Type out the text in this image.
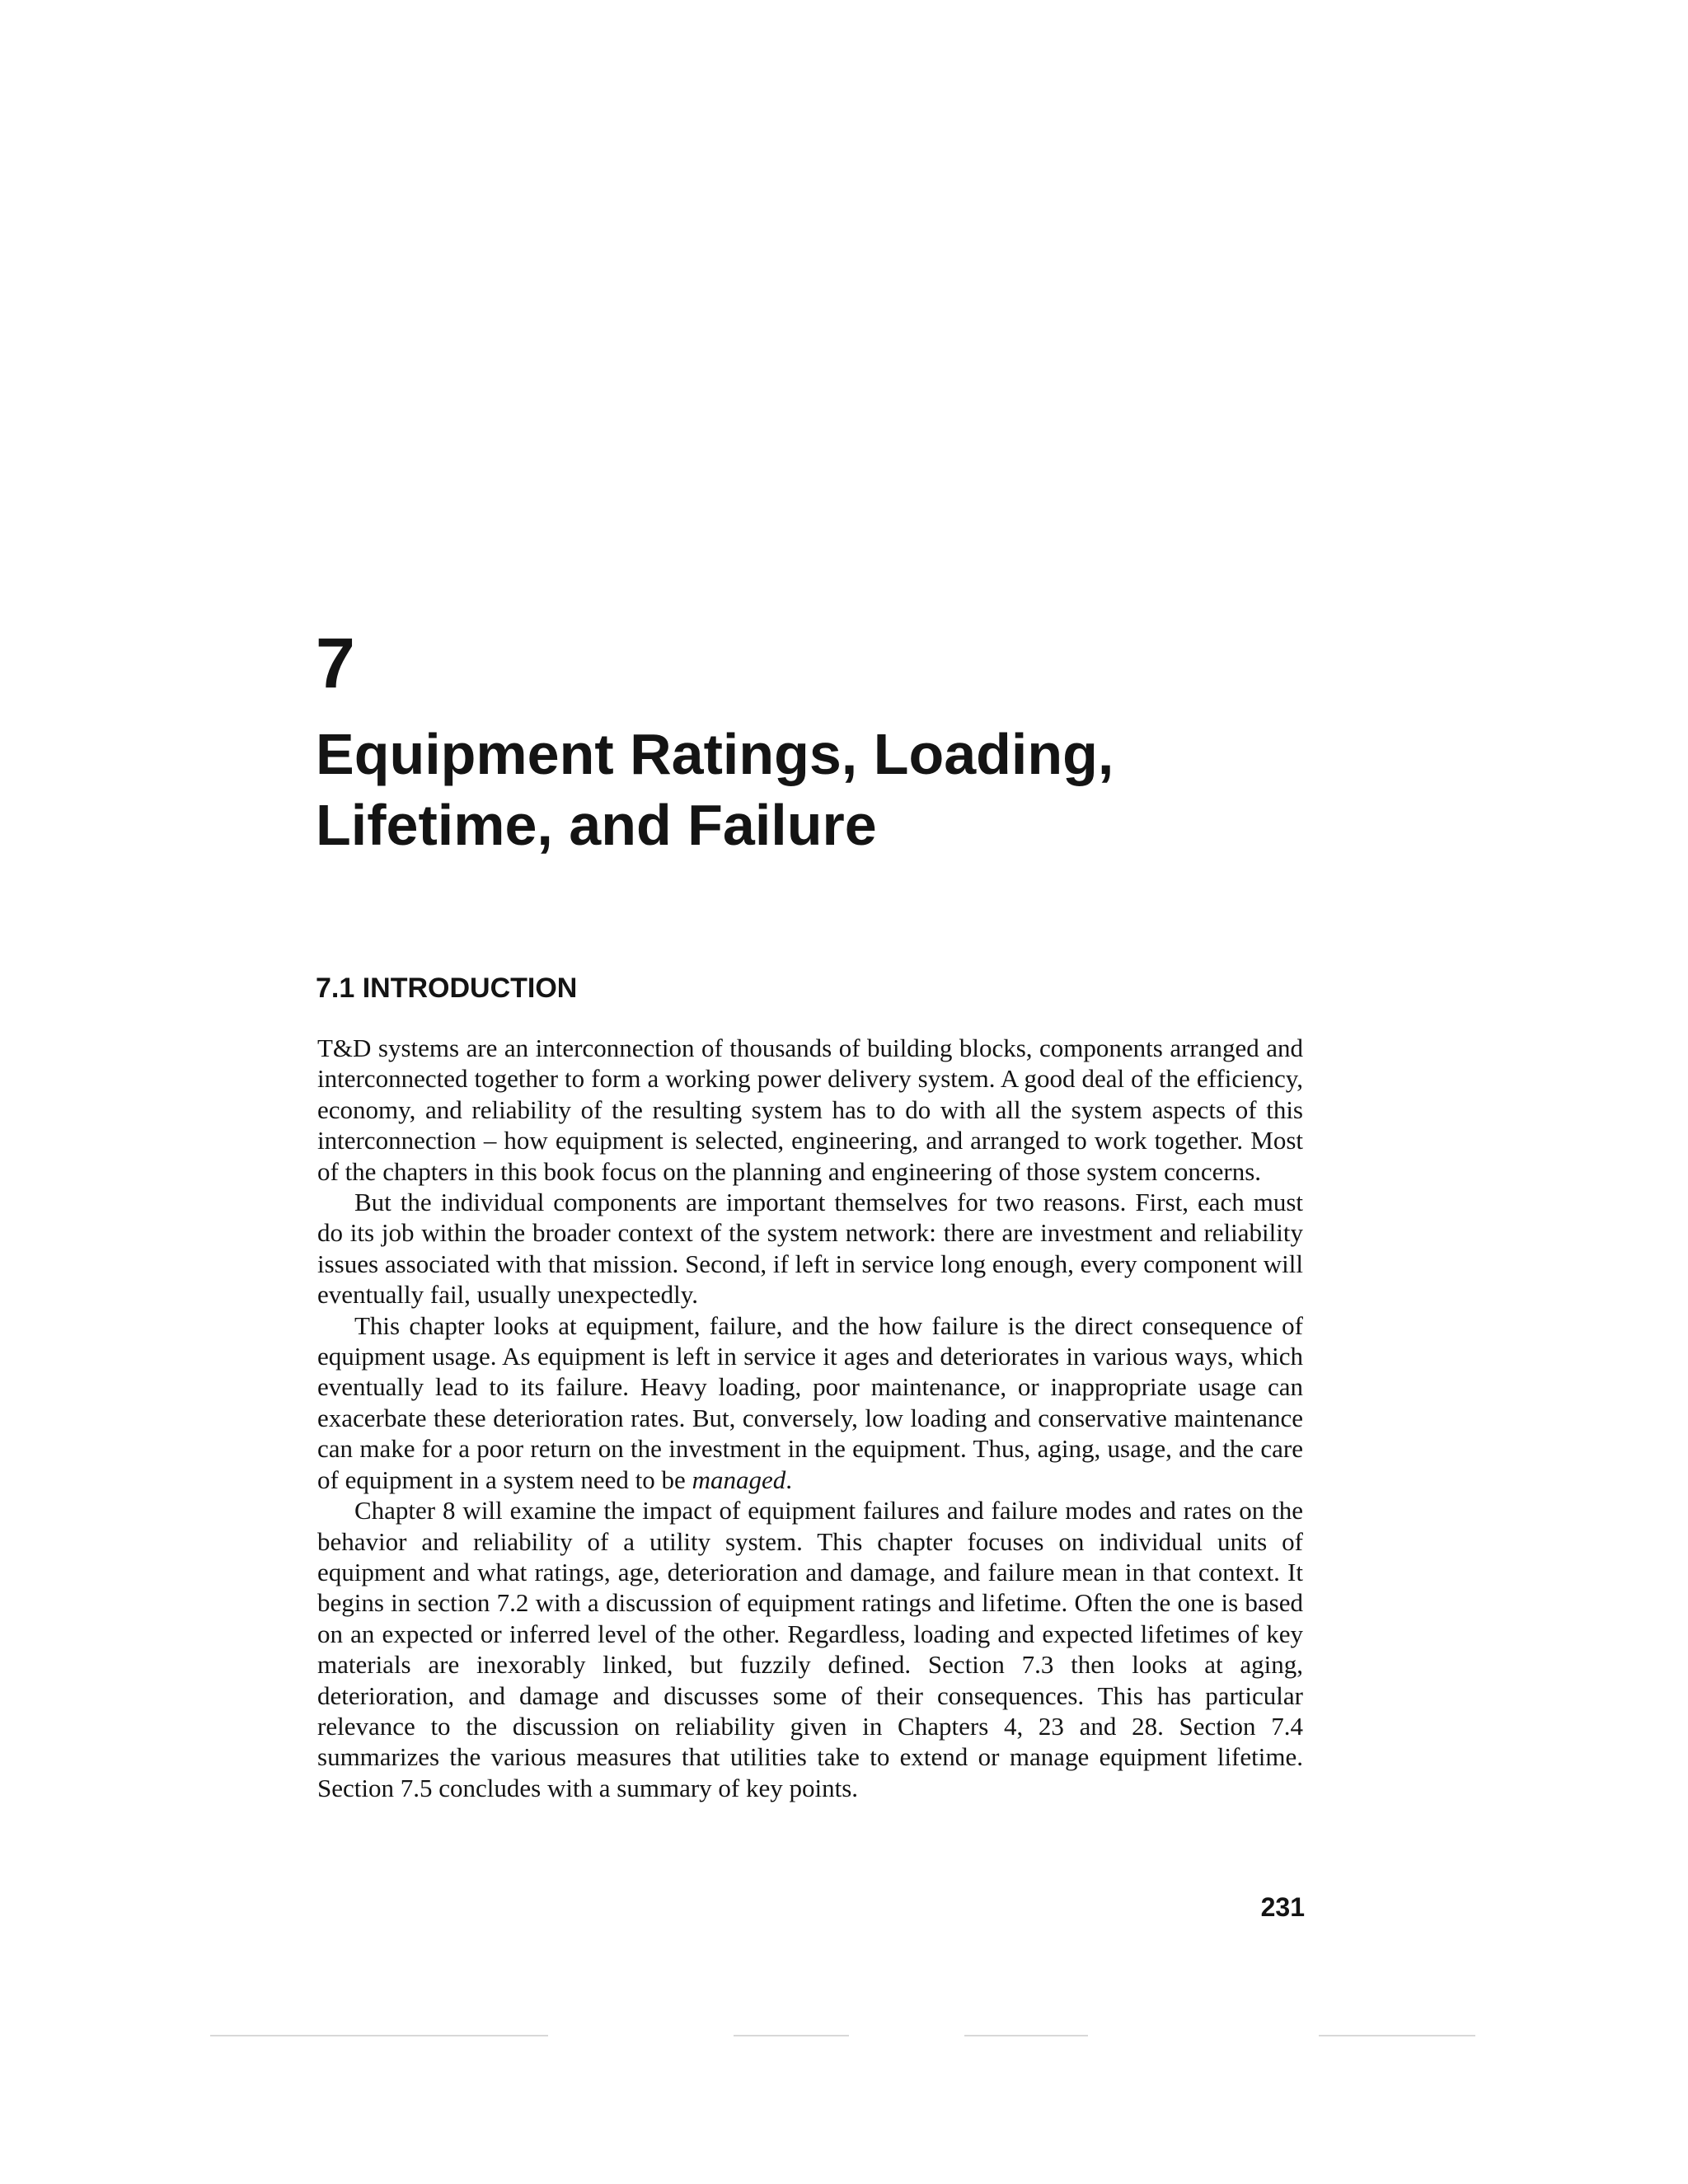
7
Equipment Ratings, Loading,
Lifetime, and Failure
7.1 INTRODUCTION

T&D systems are an interconnection of thousands of building blocks, components arranged and interconnected together to form a working power delivery system. A good deal of the efficiency, economy, and reliability of the resulting system has to do with all the system aspects of this interconnection – how equipment is selected, engineering, and arranged to work together. Most of the chapters in this book focus on the planning and engineering of those system concerns.

But the individual components are important themselves for two reasons. First, each must do its job within the broader context of the system network: there are investment and reliability issues associated with that mission. Second, if left in service long enough, every component will eventually fail, usually unexpectedly.

This chapter looks at equipment, failure, and the how failure is the direct consequence of equipment usage. As equipment is left in service it ages and deteriorates in various ways, which eventually lead to its failure. Heavy loading, poor maintenance, or inappropriate usage can exacerbate these deterioration rates. But, conversely, low loading and conservative maintenance can make for a poor return on the investment in the equipment. Thus, aging, usage, and the care of equipment in a system need to be managed.

Chapter 8 will examine the impact of equipment failures and failure modes and rates on the behavior and reliability of a utility system. This chapter focuses on individual units of equipment and what ratings, age, deterioration and damage, and failure mean in that context. It begins in section 7.2 with a discussion of equipment ratings and lifetime. Often the one is based on an expected or inferred level of the other. Regardless, loading and expected lifetimes of key materials are inexorably linked, but fuzzily defined. Section 7.3 then looks at aging, deterioration, and damage and discusses some of their consequences. This has particular relevance to the discussion on reliability given in Chapters 4, 23 and 28. Section 7.4 summarizes the various measures that utilities take to extend or manage equipment lifetime. Section 7.5 concludes with a summary of key points.

231
